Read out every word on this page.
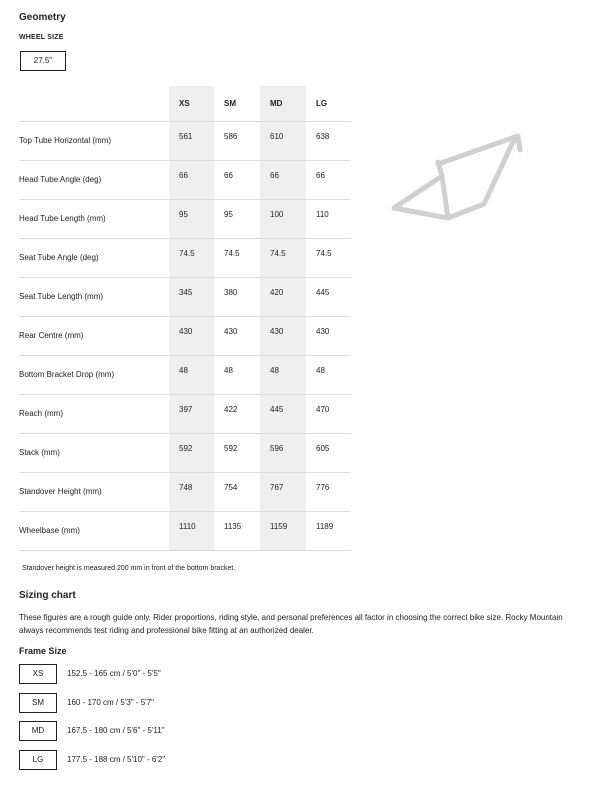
Geometry
WHEEL SIZE
27.5"
	XS	SM	MD	LG
Top Tube Horizontal (mm)	561	586	610	638
Head Tube Angle (deg)	66	66	66	66
Head Tube Length (mm)	95	95	100	110
Seat Tube Angle (deg)	74.5	74.5	74.5	74.5
Seat Tube Length (mm)	345	380	420	445
Rear Centre (mm)	430	430	430	430
Bottom Bracket Drop (mm)	48	48	48	48
Reach (mm)	397	422	445	470
Stack (mm)	592	592	596	605
Standover Height (mm)	748	754	767	776
Wheelbase (mm)	1110	1135	1159	1189
Standover height is measured 200 mm in front of the bottom bracket.
Sizing chart
These figures are a rough guide only. Rider proportions, riding style, and personal preferences all factor in choosing the correct bike size. Rocky Mountain always recommends test riding and professional bike fitting at an authorized dealer.
Frame Size
XS	152.5 - 165 cm / 5'0" - 5'5"
SM	160 - 170 cm / 5'3" - 5'7"
MD	167.5 - 180 cm / 5'6" - 5'11"
LG	177.5 - 188 cm / 5'10" - 6'2"
